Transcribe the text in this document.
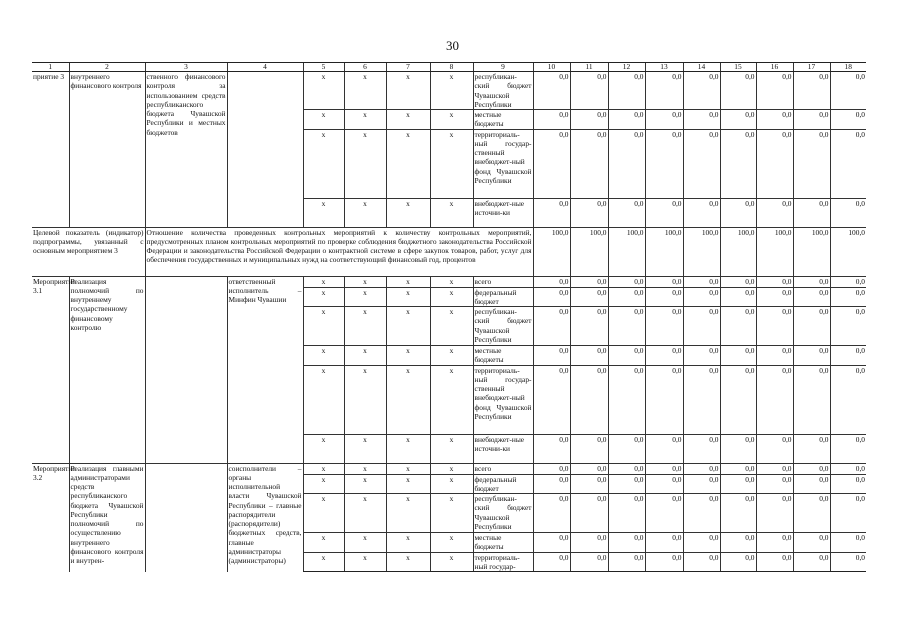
30
1	2	3	4	5	6	7	8	9	10	11	12	13	14	15	16	17	18
приятие 3	внутреннего финансового контроля	ственного финансового контроля за использованием средств республиканского бюджета Чувашской Республики и местных бюджетов		x	x	x	x	республикан-ский бюджет Чувашской Республики	0,0	0,0	0,0	0,0	0,0	0,0	0,0	0,0	0,0
				x	x	x	x	местные бюджеты	0,0	0,0	0,0	0,0	0,0	0,0	0,0	0,0	0,0
				x	x	x	x	территориаль-ный государ-ственный внебюджет-ный фонд Чувашской Республики	0,0	0,0	0,0	0,0	0,0	0,0	0,0	0,0	0,0
				x	x	x	x	внебюджет-ные источни-ки	0,0	0,0	0,0	0,0	0,0	0,0	0,0	0,0	0,0
Целевой показатель (индикатор) подпрограммы, увязанный с основным мероприятием 3		Отношение количества проведенных контрольных мероприятий к количеству контрольных мероприятий, предусмотренных планом контрольных мероприятий по проверке соблюдения бюджетного законодательства Российской Федерации и законодательства Российской Федерации о контрактной системе в сфере закупок товаров, работ, услуг для обеспечения государственных и муниципальных нужд на соответствующий финансовый год, процентов							100,0	100,0	100,0	100,0	100,0	100,0	100,0	100,0	100,0
Мероприятие 3.1	Реализация полномочий по внутреннему государственному финансовому контролю		ответственный исполнитель – Минфин Чувашии	x	x	x	x	всего	0,0	0,0	0,0	0,0	0,0	0,0	0,0	0,0	0,0
				x	x	x	x	федеральный бюджет	0,0	0,0	0,0	0,0	0,0	0,0	0,0	0,0	0,0
				x	x	x	x	республикан-ский бюджет Чувашской Республики	0,0	0,0	0,0	0,0	0,0	0,0	0,0	0,0	0,0
				x	x	x	x	местные бюджеты	0,0	0,0	0,0	0,0	0,0	0,0	0,0	0,0	0,0
				x	x	x	x	территориаль-ный государ-ственный внебюджет-ный фонд Чувашской Республики	0,0	0,0	0,0	0,0	0,0	0,0	0,0	0,0	0,0
				x	x	x	x	внебюджет-ные источни-ки	0,0	0,0	0,0	0,0	0,0	0,0	0,0	0,0	0,0
Мероприятие 3.2	Реализация главными администраторами средств республиканского бюджета Чувашской Республики полномочий по осуществлению внутреннего финансового контроля и внутрен-		соисполнители – органы исполнительной власти Чувашской Республики – главные распорядители (распорядители) бюджетных средств, главные администраторы (администраторы)	x	x	x	x	всего	0,0	0,0	0,0	0,0	0,0	0,0	0,0	0,0	0,0
				x	x	x	x	федеральный бюджет	0,0	0,0	0,0	0,0	0,0	0,0	0,0	0,0	0,0
				x	x	x	x	республикан-ский бюджет Чувашской Республики	0,0	0,0	0,0	0,0	0,0	0,0	0,0	0,0	0,0
				x	x	x	x	местные бюджеты	0,0	0,0	0,0	0,0	0,0	0,0	0,0	0,0	0,0
				x	x	x	x	территориаль-ный государ-	0,0	0,0	0,0	0,0	0,0	0,0	0,0	0,0	0,0
